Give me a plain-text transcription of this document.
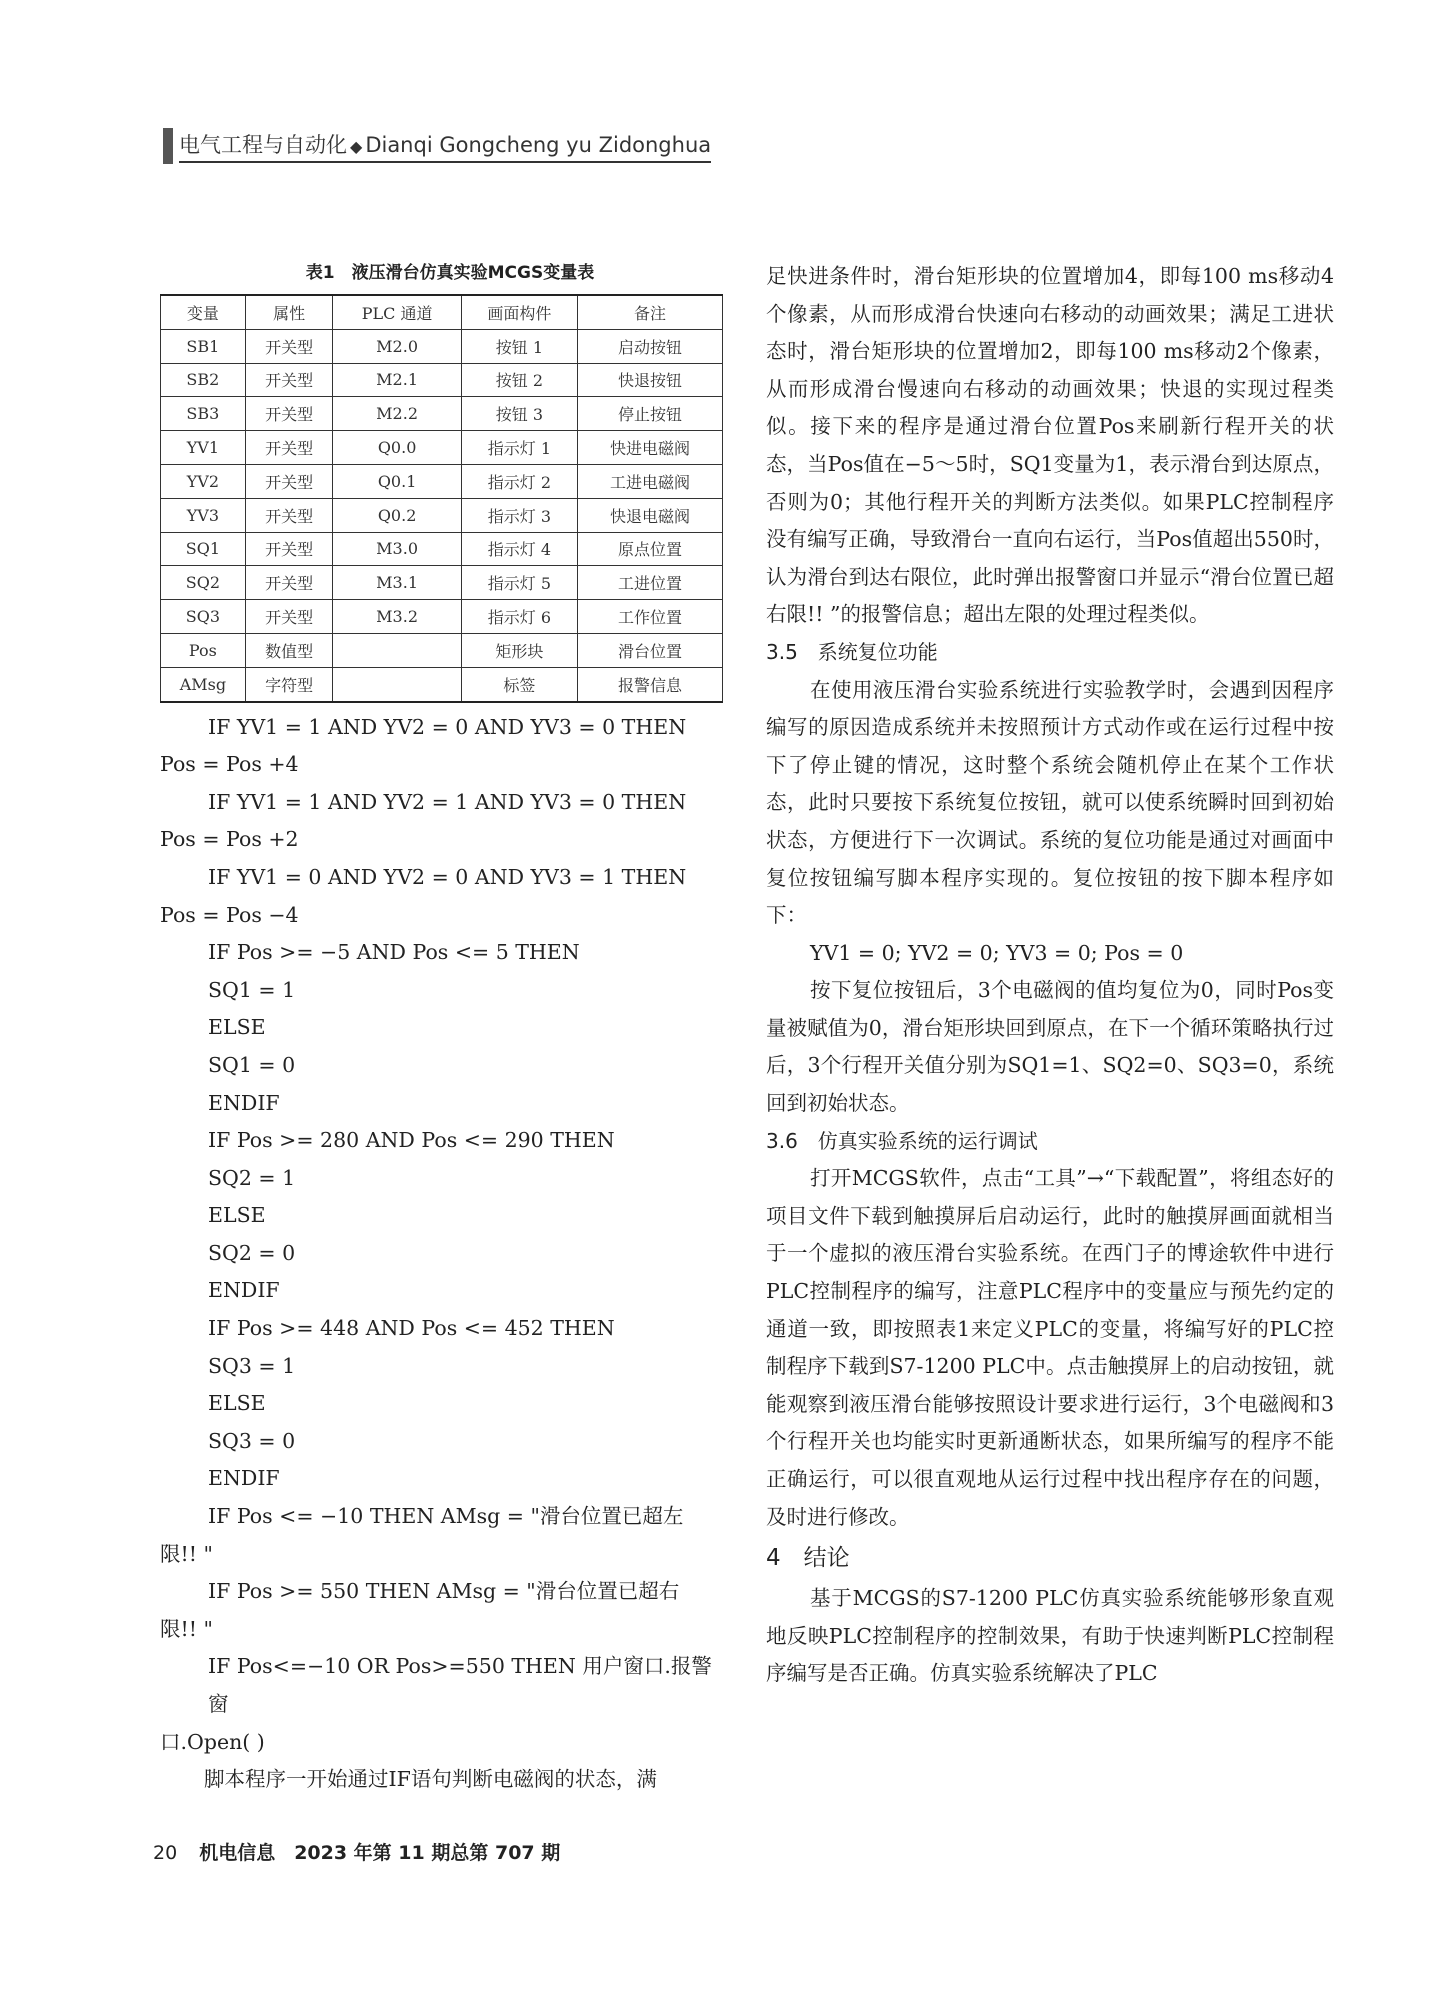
电气工程与自动化 ◆ Dianqi Gongcheng yu Zidonghua
表1　液压滑台仿真实验MCGS变量表
变量	属性	PLC 通道	画面构件	备注
SB1	开关型	M2.0	按钮 1	启动按钮
SB2	开关型	M2.1	按钮 2	快退按钮
SB3	开关型	M2.2	按钮 3	停止按钮
YV1	开关型	Q0.0	指示灯 1	快进电磁阀
YV2	开关型	Q0.1	指示灯 2	工进电磁阀
YV3	开关型	Q0.2	指示灯 3	快退电磁阀
SQ1	开关型	M3.0	指示灯 4	原点位置
SQ2	开关型	M3.1	指示灯 5	工进位置
SQ3	开关型	M3.2	指示灯 6	工作位置
Pos	数值型		矩形块	滑台位置
AMsg	字符型		标签	报警信息

IF YV1 = 1 AND YV2 = 0 AND YV3 = 0 THEN

Pos = Pos +4

IF YV1 = 1 AND YV2 = 1 AND YV3 = 0 THEN

Pos = Pos +2

IF YV1 = 0 AND YV2 = 0 AND YV3 = 1 THEN

Pos = Pos −4

IF Pos >= −5 AND Pos <= 5 THEN

SQ1 = 1

ELSE

SQ1 = 0

ENDIF

IF Pos >= 280 AND Pos <= 290 THEN

SQ2 = 1

ELSE

SQ2 = 0

ENDIF

IF Pos >= 448 AND Pos <= 452 THEN

SQ3 = 1

ELSE

SQ3 = 0

ENDIF

IF Pos <= −10 THEN AMsg = "滑台位置已超左

限!! "

IF Pos >= 550 THEN AMsg = "滑台位置已超右

限!! "

IF Pos<=−10 OR Pos>=550 THEN 用户窗口.报警窗

口.Open( )

脚本程序一开始通过IF语句判断电磁阀的状态，满

足快进条件时，滑台矩形块的位置增加4，即每100 ms移动4个像素，从而形成滑台快速向右移动的动画效果；满足工进状态时，滑台矩形块的位置增加2，即每100 ms移动2个像素，从而形成滑台慢速向右移动的动画效果；快退的实现过程类似。接下来的程序是通过滑台位置Pos来刷新行程开关的状态，当Pos值在−5～5时，SQ1变量为1，表示滑台到达原点，否则为0；其他行程开关的判断方法类似。如果PLC控制程序没有编写正确，导致滑台一直向右运行，当Pos值超出550时，认为滑台到达右限位，此时弹出报警窗口并显示“滑台位置已超右限!! ”的报警信息；超出左限的处理过程类似。

3.5　系统复位功能

在使用液压滑台实验系统进行实验教学时，会遇到因程序编写的原因造成系统并未按照预计方式动作或在运行过程中按下了停止键的情况，这时整个系统会随机停止在某个工作状态，此时只要按下系统复位按钮，就可以使系统瞬时回到初始状态，方便进行下一次调试。系统的复位功能是通过对画面中复位按钮编写脚本程序实现的。复位按钮的按下脚本程序如下：

YV1 = 0; YV2 = 0; YV3 = 0; Pos = 0

按下复位按钮后，3个电磁阀的值均复位为0，同时Pos变量被赋值为0，滑台矩形块回到原点，在下一个循环策略执行过后，3个行程开关值分别为SQ1=1、SQ2=0、SQ3=0，系统回到初始状态。

3.6　仿真实验系统的运行调试

打开MCGS软件，点击“工具”→“下载配置”，将组态好的项目文件下载到触摸屏后启动运行，此时的触摸屏画面就相当于一个虚拟的液压滑台实验系统。在西门子的博途软件中进行PLC控制程序的编写，注意PLC程序中的变量应与预先约定的通道一致，即按照表1来定义PLC的变量，将编写好的PLC控制程序下载到S7-1200 PLC中。点击触摸屏上的启动按钮，就能观察到液压滑台能够按照设计要求进行运行，3个电磁阀和3个行程开关也均能实时更新通断状态，如果所编写的程序不能正确运行，可以很直观地从运行过程中找出程序存在的问题，及时进行修改。

4　结论

基于MCGS的S7-1200 PLC仿真实验系统能够形象直观地反映PLC控制程序的控制效果，有助于快速判断PLC控制程序编写是否正确。仿真实验系统解决了PLC

20 机电信息　2023 年第 11 期总第 707 期
